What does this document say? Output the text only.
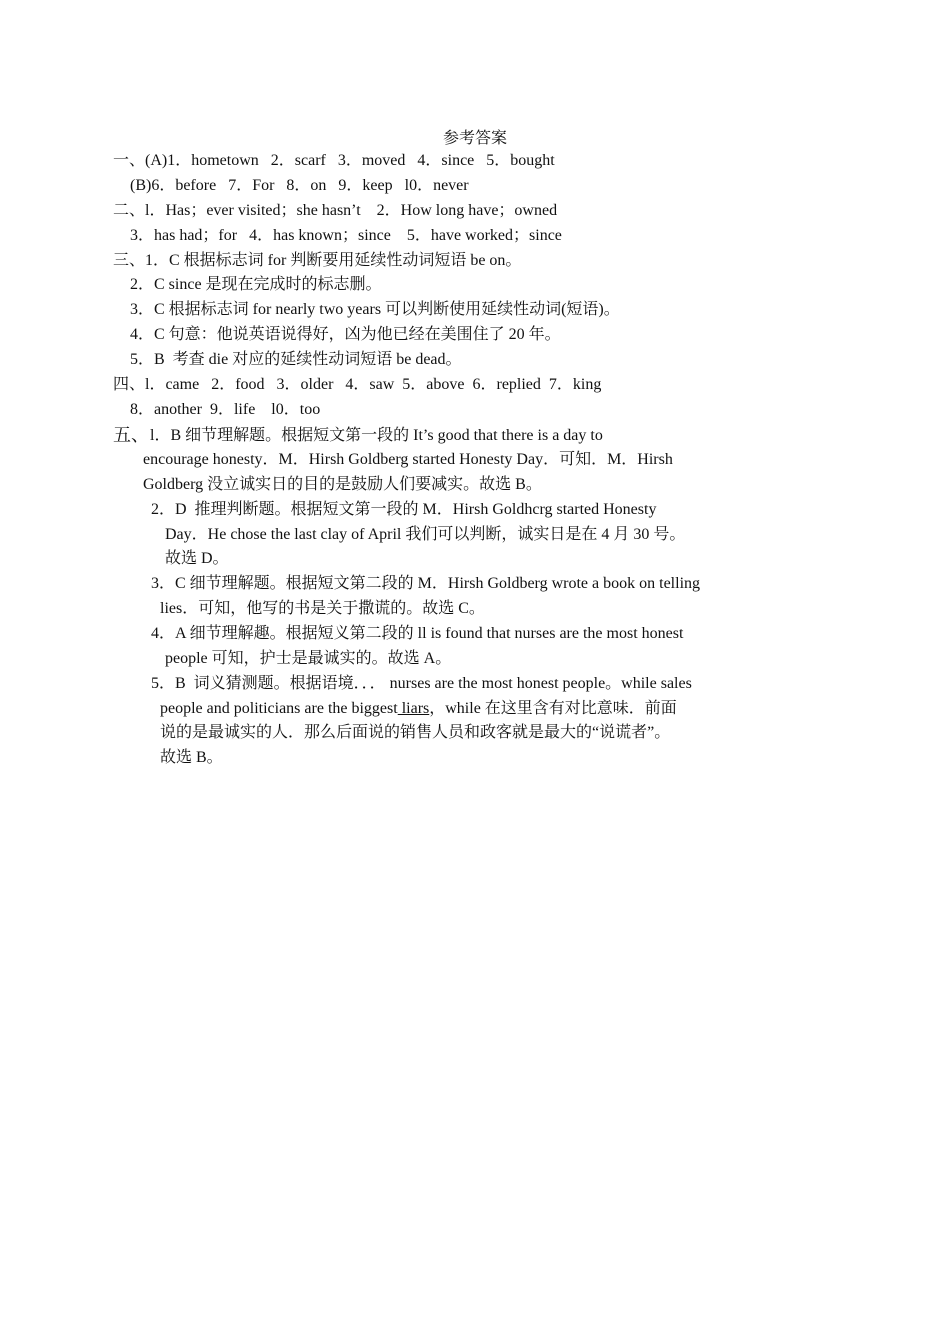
参考答案
一、(A)1．hometown   2．scarf   3．moved   4．since   5．bought
(B)6．before   7．For   8．on   9．keep   l0．never
二、l．Has；ever visited；she hasn’t    2．How long have；owned
3．has had；for   4．has known；since    5．have worked；since
三、1．C 根据标志词 for 判断要用延续性动词短语 be on。
2．C since 是现在完成时的标志删。
3．C 根据标志词 for nearly two years 可以判断使用延续性动词(短语)。
4．C 句意：他说英语说得好，凶为他已经在美围住了 20 年。
5．B  考查 die 对应的延续性动词短语 be dead。
四、l．came   2．food   3．older   4．saw  5．above  6．replied  7．king
8．another  9．life    l0．too
五、 l．B 细节理解题。根据短文第一段的 It’s good that there is a day to
encourage honesty．M．Hirsh Goldberg started Honesty Day．可知．M．Hirsh
Goldberg 没立诚实日的目的是鼓励人们要减实。故选 B。
2．D  推理判断题。根据短文第一段的 M．Hirsh Goldhcrg started Honesty
Day．He chose the last clay of April 我们可以判断，诚实日是在 4 月 30 号。
故选 D。
3．C 细节理解题。根据短文第二段的 M．Hirsh Goldberg wrote a book on telling
lies．可知，他写的书是关于撒谎的。故选 C。
4．A 细节理解趣。根据短义第二段的 ll is found that nurses are the most honest
people 可知，护士是最诚实的。故选 A。
5．B  词义猜测题。根据语境．．． nurses are the most honest people。while sales
people and politicians are the biggest liars，while 在这里含有对比意味．前面
说的是最诚实的人．那么后面说的销售人员和政客就是最大的“说谎者”。
故选 B。
